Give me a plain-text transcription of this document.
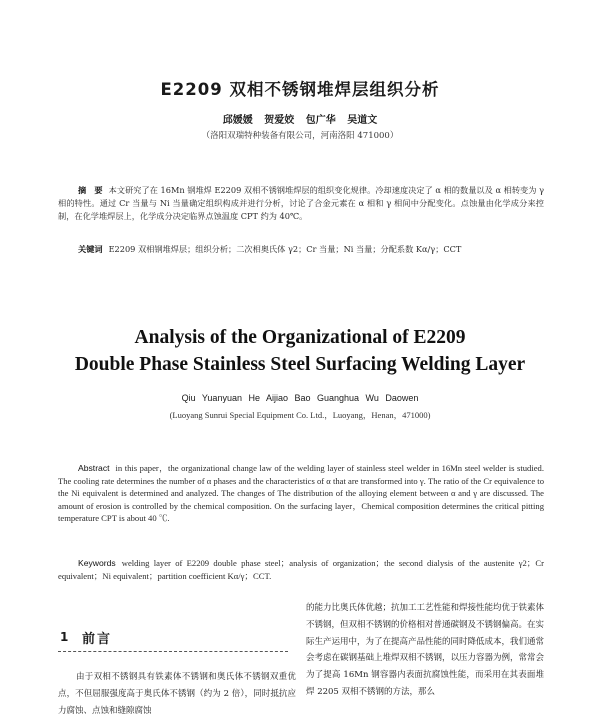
E2209 双相不锈钢堆焊层组织分析
邱媛媛 贺爱姣 包广华 吴道文
（洛阳双瑞特种装备有限公司，河南洛阳 471000）
摘　要 本文研究了在 16Mn 钢堆焊 E2209 双相不锈钢堆焊层的组织变化规律。冷却速度决定了 α 相的数量以及 α 相转变为 γ 相的特性。通过 Cr 当量与 Ni 当量确定组织构成并进行分析，讨论了合金元素在 α 相和 γ 相间中分配变化。点蚀量由化学成分来控制，在化学堆焊层上，化学成分决定临界点蚀温度 CPT 约为 40℃。
关键词 E2209 双相钢堆焊层；组织分析；二次相奥氏体 γ2；Cr 当量；Ni 当量；分配系数 Kα/γ；CCT
Analysis of the Organizational of E2209
Double Phase Stainless Steel Surfacing Welding Layer
Qiu Yuanyuan He Aijiao Bao Guanghua Wu Daowen
(Luoyang Sunrui Special Equipment Co. Ltd.，Luoyang，Henan，471000)
Abstract in this paper，the organizational change law of the welding layer of stainless steel welder in 16Mn steel welder is studied. The cooling rate determines the number of α phases and the characteristics of α that are transformed into γ. The ratio of the Cr equivalence to the Ni equivalent is determined and analyzed. The changes of The distribution of the alloying element between α and γ are discussed. The amount of erosion is controlled by the chemical composition. On the surfacing layer，Chemical composition determines the critical pitting temperature CPT is about 40 ℃.
Keywords welding layer of E2209 double phase steel；analysis of organization；the second dialysis of the austenite γ2；Cr equivalent；Ni equivalent；partition coefficient Kα/γ；CCT.
1 前言
由于双相不锈钢具有铁素体不锈钢和奥氏体不锈钢双重优点，不但屈服强度高于奥氏体不锈钢（约为 2 倍），同时抵抗应力腐蚀、点蚀和缝隙腐蚀
的能力比奥氏体优越；抗加工工艺性能和焊接性能均优于铁素体不锈钢，但双相不锈钢的价格相对普通碳钢及不锈钢偏高。在实际生产运用中，为了在提高产品性能的同时降低成本，我们通常会考虑在碳钢基础上堆焊双相不锈钢，以压力容器为例，常常会为了提高 16Mn 钢容器内表面抗腐蚀性能，而采用在其表面堆焊 2205 双相不锈钢的方法，那么
